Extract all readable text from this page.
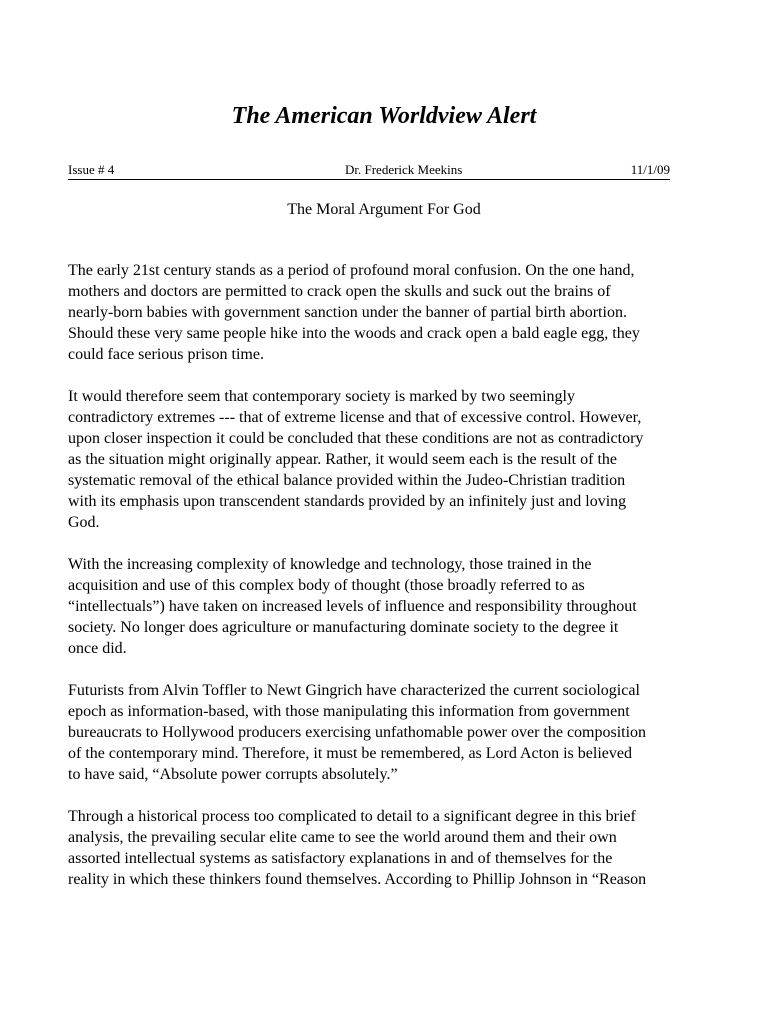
The American Worldview Alert
Issue # 4	Dr. Frederick Meekins	11/1/09
The Moral Argument For God

The early 21st century stands as a period of profound moral confusion. On the one hand,
mothers and doctors are permitted to crack open the skulls and suck out the brains of
nearly-born babies with government sanction under the banner of partial birth abortion.
Should these very same people hike into the woods and crack open a bald eagle egg, they
could face serious prison time.

It would therefore seem that contemporary society is marked by two seemingly
contradictory extremes --- that of extreme license and that of excessive control. However,
upon closer inspection it could be concluded that these conditions are not as contradictory
as the situation might originally appear. Rather, it would seem each is the result of the
systematic removal of the ethical balance provided within the Judeo-Christian tradition
with its emphasis upon transcendent standards provided by an infinitely just and loving
God.

With the increasing complexity of knowledge and technology, those trained in the
acquisition and use of this complex body of thought (those broadly referred to as
“intellectuals”) have taken on increased levels of influence and responsibility throughout
society. No longer does agriculture or manufacturing dominate society to the degree it
once did.

Futurists from Alvin Toffler to Newt Gingrich have characterized the current sociological
epoch as information-based, with those manipulating this information from government
bureaucrats to Hollywood producers exercising unfathomable power over the composition
of the contemporary mind. Therefore, it must be remembered, as Lord Acton is believed
to have said, “Absolute power corrupts absolutely.”

Through a historical process too complicated to detail to a significant degree in this brief
analysis, the prevailing secular elite came to see the world around them and their own
assorted intellectual systems as satisfactory explanations in and of themselves for the
reality in which these thinkers found themselves. According to Phillip Johnson in “Reason
